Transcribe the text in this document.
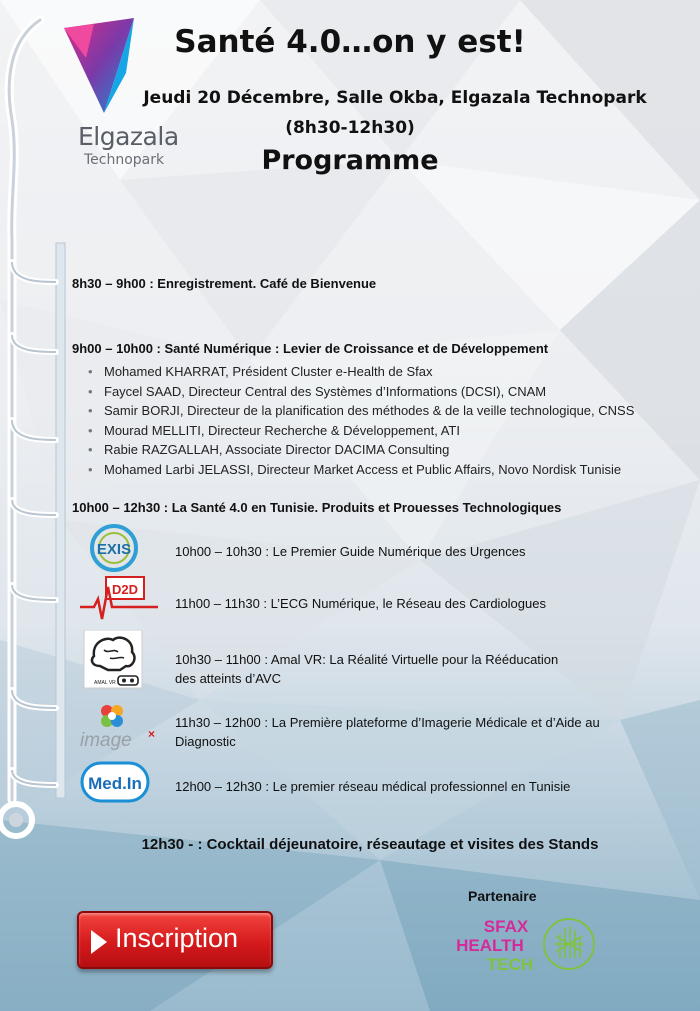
Elgazala
Technopark
Santé 4.0…on y est!
Jeudi 20 Décembre, Salle Okba, Elgazala Technopark
(8h30-12h30)
Programme
8h30 – 9h00 : Enregistrement. Café de Bienvenue
9h00 – 10h00 : Santé Numérique : Levier de Croissance et de Développement
• Mohamed KHARRAT, Président Cluster e-Health de Sfax
• Faycel SAAD, Directeur Central des Systèmes d’Informations (DCSI), CNAM
• Samir BORJI, Directeur de la planification des méthodes & de la veille technologique, CNSS
• Mourad MELLITI, Directeur Recherche & Développement, ATI
• Rabie RAZGALLAH, Associate Director DACIMA Consulting
• Mohamed Larbi JELASSI, Directeur Market Access et Public Affairs, Novo Nordisk Tunisie
10h00 – 12h30 : La Santé 4.0 en Tunisie. Produits et Prouesses Technologiques
EXIS	10h00 – 10h30 : Le Premier Guide Numérique des Urgences
D2D
11h00 – 11h30 : L’ECG Numérique, le Réseau des Cardiologues
AMAL VR
10h30 – 11h00 : Amal VR: La Réalité Virtuelle pour la Rééducation
des atteints d’AVC
image ×
11h30 – 12h00 : La Première plateforme d’Imagerie Médicale et d’Aide au
Diagnostic
Med.In	12h00 – 12h30 : Le premier réseau médical professionnel en Tunisie
12h30 - : Cocktail déjeunatoire, réseautage et visites des Stands
Inscription
Partenaire
SFAX
HEALTH
TECH
